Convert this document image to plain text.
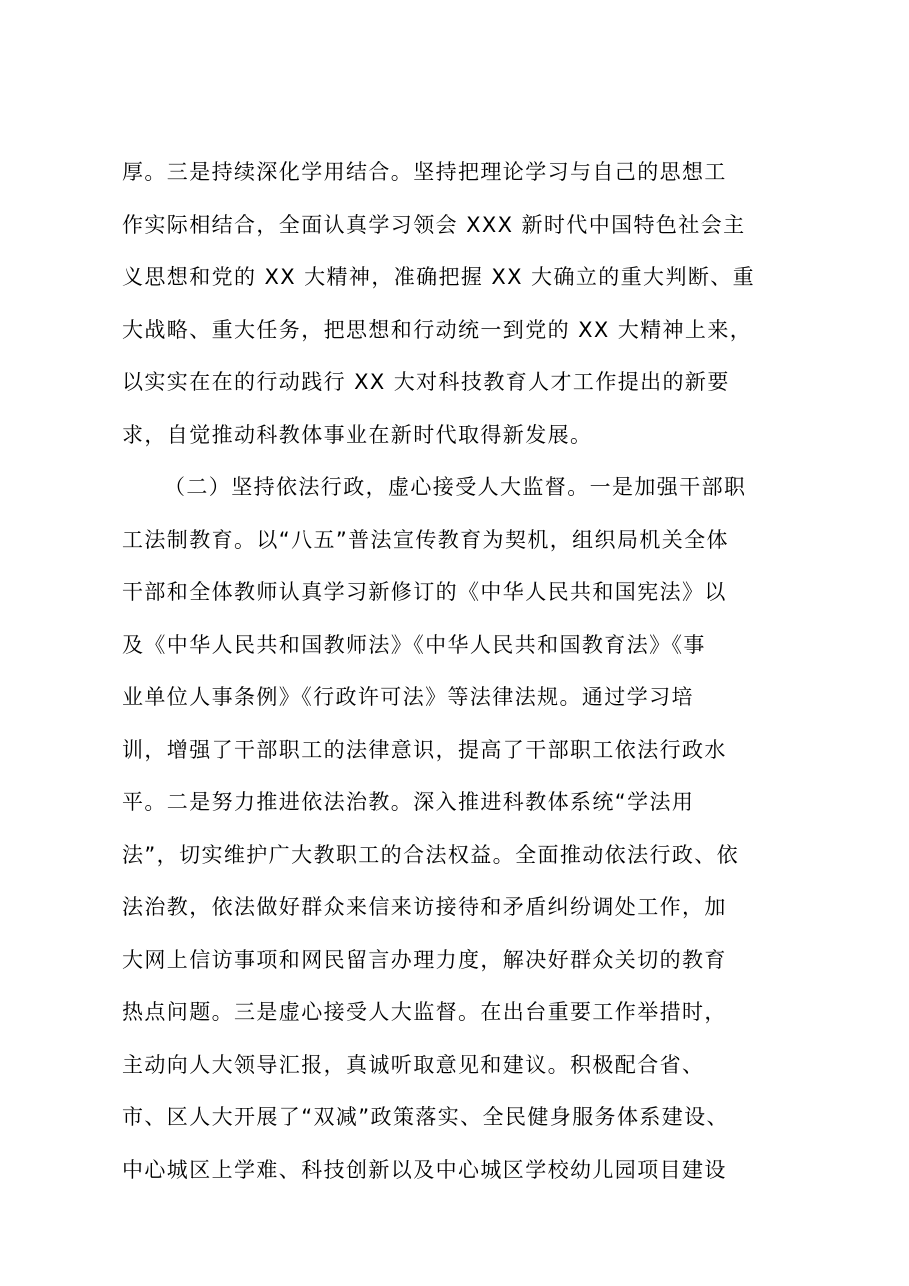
厚。三是持续深化学用结合。坚持把理论学习与自己的思想工
作实际相结合，全面认真学习领会 XXX 新时代中国特色社会主
义思想和党的 XX 大精神，准确把握 XX 大确立的重大判断、重
大战略、重大任务，把思想和行动统一到党的 XX 大精神上来，
以实实在在的行动践行 XX 大对科技教育人才工作提出的新要
求，自觉推动科教体事业在新时代取得新发展。
（二）坚持依法行政，虚心接受人大监督。一是加强干部职
工法制教育。以“八五”普法宣传教育为契机，组织局机关全体
干部和全体教师认真学习新修订的《中华人民共和国宪法》以
及《中华人民共和国教师法》《中华人民共和国教育法》《事
业单位人事条例》《行政许可法》等法律法规。通过学习培
训，增强了干部职工的法律意识，提高了干部职工依法行政水
平。二是努力推进依法治教。深入推进科教体系统“学法用
法”，切实维护广大教职工的合法权益。全面推动依法行政、依
法治教，依法做好群众来信来访接待和矛盾纠纷调处工作，加
大网上信访事项和网民留言办理力度，解决好群众关切的教育
热点问题。三是虚心接受人大监督。在出台重要工作举措时，
主动向人大领导汇报，真诚听取意见和建议。积极配合省、
市、区人大开展了“双减”政策落实、全民健身服务体系建设、
中心城区上学难、科技创新以及中心城区学校幼儿园项目建设
